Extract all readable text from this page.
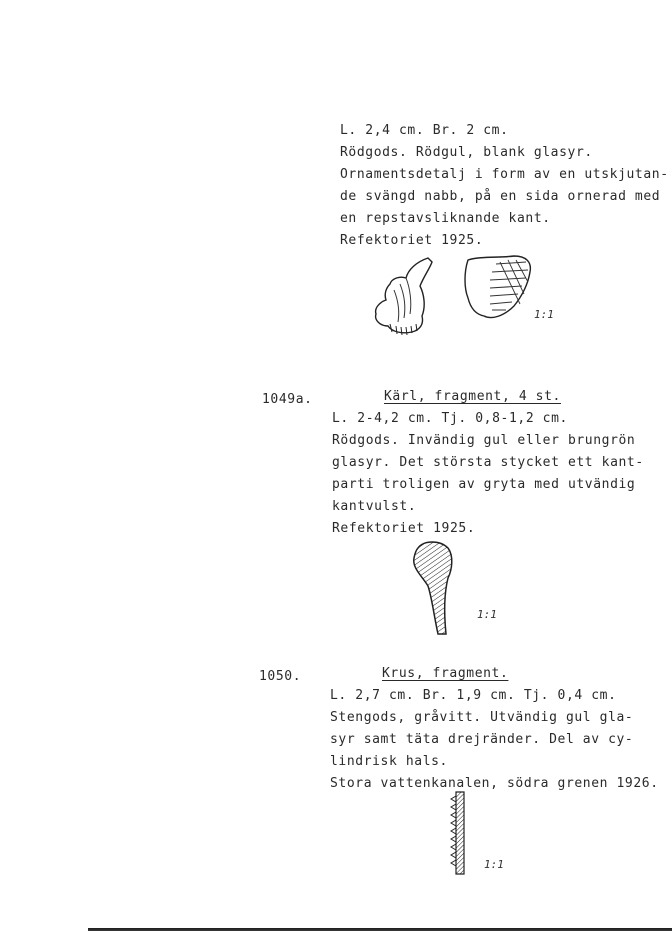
L. 2,4 cm. Br. 2 cm.
Rödgods. Rödgul, blank glasyr.
Ornamentsdetalj i form av en utskjutan-
de svängd nabb, på en sida ornerad med
en repstavsliknande kant.
Refektoriet 1925.
1:1
1049a.	Kärl, fragment, 4 st.
L. 2-4,2 cm. Tj. 0,8-1,2 cm.
Rödgods. Invändig gul eller brungrön
glasyr. Det största stycket ett kant-
parti troligen av gryta med utvändig
kantvulst.
Refektoriet 1925.
1:1
1050.	Krus, fragment.
L. 2,7 cm. Br. 1,9 cm. Tj. 0,4 cm.
Stengods, gråvitt. Utvändig gul gla-
syr samt täta drejränder. Del av cy-
lindrisk hals.
Stora vattenkanalen, södra grenen 1926.
1:1
